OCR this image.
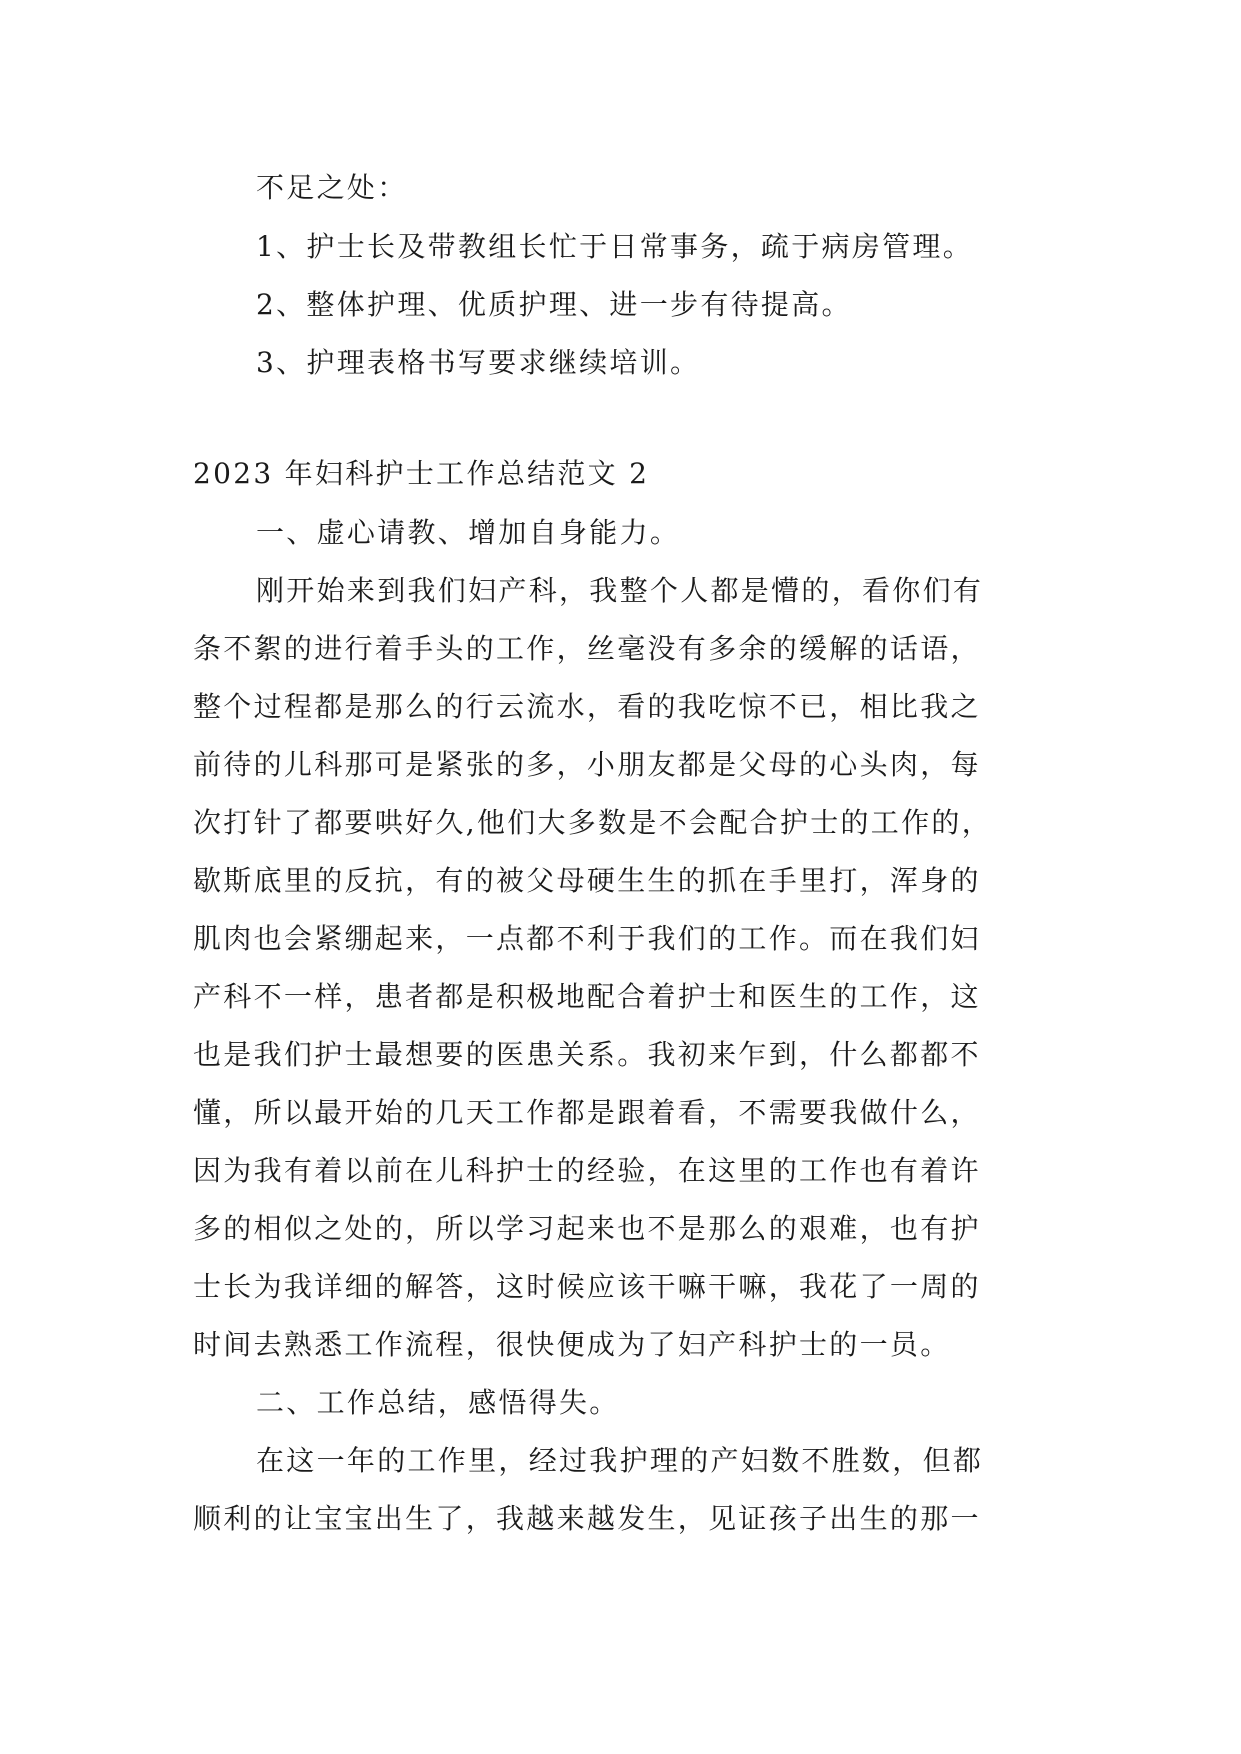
不足之处：
1、护士长及带教组长忙于日常事务，疏于病房管理。
2、整体护理、优质护理、进一步有待提高。
3、护理表格书写要求继续培训。
2023 年妇科护士工作总结范文 2
一、虚心请教、增加自身能力。
刚开始来到我们妇产科，我整个人都是懵的，看你们有
条不絮的进行着手头的工作，丝毫没有多余的缓解的话语，
整个过程都是那么的行云流水，看的我吃惊不已，相比我之
前待的儿科那可是紧张的多，小朋友都是父母的心头肉，每
次打针了都要哄好久,他们大多数是不会配合护士的工作的，
歇斯底里的反抗，有的被父母硬生生的抓在手里打，浑身的
肌肉也会紧绷起来，一点都不利于我们的工作。而在我们妇
产科不一样，患者都是积极地配合着护士和医生的工作，这
也是我们护士最想要的医患关系。我初来乍到，什么都都不
懂，所以最开始的几天工作都是跟着看，不需要我做什么，
因为我有着以前在儿科护士的经验，在这里的工作也有着许
多的相似之处的，所以学习起来也不是那么的艰难，也有护
士长为我详细的解答，这时候应该干嘛干嘛，我花了一周的
时间去熟悉工作流程，很快便成为了妇产科护士的一员。
二、工作总结，感悟得失。
在这一年的工作里，经过我护理的产妇数不胜数，但都
顺利的让宝宝出生了，我越来越发生，见证孩子出生的那一
